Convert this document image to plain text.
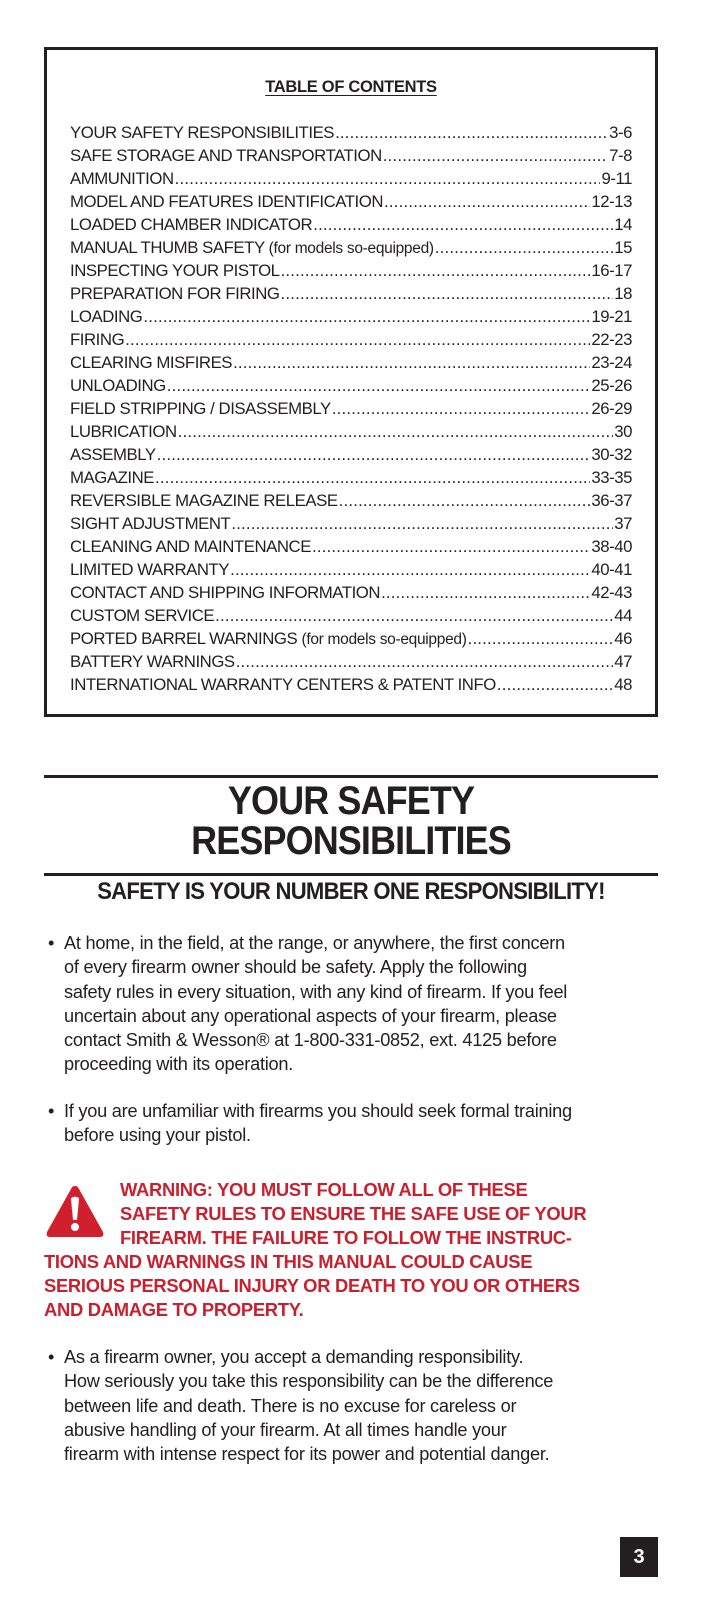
TABLE OF CONTENTS
YOUR SAFETY RESPONSIBILITIES .....	3-6
SAFE STORAGE AND TRANSPORTATION .....	7-8
AMMUNITION .....	9-11
MODEL AND FEATURES IDENTIFICATION .....	12-13
LOADED CHAMBER INDICATOR .....	14
MANUAL THUMB SAFETY (for models so-equipped) .....	15
INSPECTING YOUR PISTOL .....	16-17
PREPARATION FOR FIRING .....	18
LOADING .....	19-21
FIRING .....	22-23
CLEARING MISFIRES .....	23-24
UNLOADING .....	25-26
FIELD STRIPPING / DISASSEMBLY .....	26-29
LUBRICATION .....	30
ASSEMBLY .....	30-32
MAGAZINE .....	33-35
REVERSIBLE MAGAZINE RELEASE .....	36-37
SIGHT ADJUSTMENT .....	37
CLEANING AND MAINTENANCE .....	38-40
LIMITED WARRANTY .....	40-41
CONTACT AND SHIPPING INFORMATION .....	42-43
CUSTOM SERVICE .....	44
PORTED BARREL WARNINGS (for models so-equipped) .....	46
BATTERY WARNINGS .....	47
INTERNATIONAL WARRANTY CENTERS & PATENT INFO .....	48
YOUR SAFETY
RESPONSIBILITIES
SAFETY IS YOUR NUMBER ONE RESPONSIBILITY!
• At home, in the field, at the range, or anywhere, the first concern
of every firearm owner should be safety. Apply the following
safety rules in every situation, with any kind of firearm. If you feel
uncertain about any operational aspects of your firearm, please
contact Smith & Wesson® at 1-800-331-0852, ext. 4125 before
proceeding with its operation.
• If you are unfamiliar with firearms you should seek formal training
before using your pistol.
WARNING: YOU MUST FOLLOW ALL OF THESE
SAFETY RULES TO ENSURE THE SAFE USE OF YOUR
FIREARM. THE FAILURE TO FOLLOW THE INSTRUC-
TIONS AND WARNINGS IN THIS MANUAL COULD CAUSE
SERIOUS PERSONAL INJURY OR DEATH TO YOU OR OTHERS
AND DAMAGE TO PROPERTY.
• As a firearm owner, you accept a demanding responsibility.
How seriously you take this responsibility can be the difference
between life and death. There is no excuse for careless or
abusive handling of your firearm. At all times handle your
firearm with intense respect for its power and potential danger.
3
